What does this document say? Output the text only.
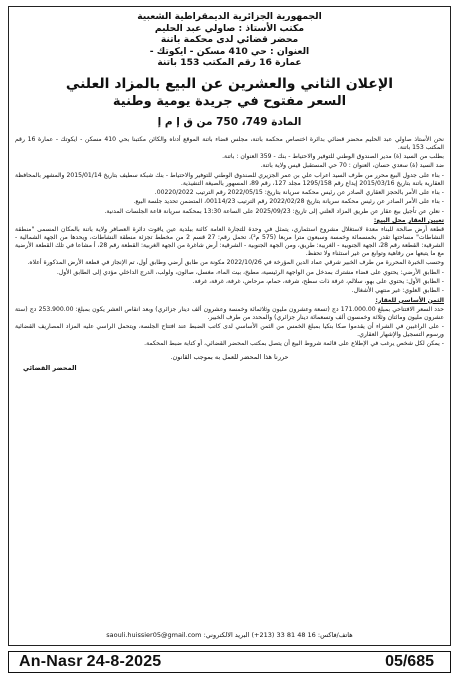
الجمهورية الجزائرية الديمقراطية الشعبية

مكتب الأستاذ : صاولي عبد الحليم

محضر قضائي لدى محكمة باتنة

العنوان : حي 410 مسكن - ايكوتك -

عمارة 16 رقم المكتب 153 باتنة

الإعلان الثاني والعشرين عن البيع بالمزاد العلني

السعر مفتوح في جريدة يومية وطنية

المادة 749، 750 من ق إ م إ

نحن الأستاذ صاولي عبد الحليم محضر قضائي بدائرة اختصاص محكمة باتنة، مجلس قضاء باتنة الموقع أدناه والكائن مكتبنا بحي 410 مسكن - ايكوتك - عمارة 16 رقم المكتب 153 باتنة.

بطلب من السيد (ة) مدير الصندوق الوطني للتوفير والاحتياط - بنك - 359 العنوان : باتنة.

ضد السيد (ة) سعدي حسان، العنوان : 70 حي المستقبل قيس ولاية باتنة.

- بناء على جدول البيع محرر من طرف السيد اعراب علي بن عمر الجزيري للصندوق الوطني للتوفير والاحتياط - بنك شبكة سطيف بتاريخ 2015/01/14 والمشهر بالمحافظة العقارية باتنة بتاريخ 2015/03/16 إيداع رقم 1295/158 مجلد 127، رقم 89، المسهور بالصيغة التنفيذية.

- بناء على الأمر بالحجز العقاري الصادر عن رئيس محكمة سريانة بتاريخ: 2022/05/15 رقم الترتيب 00220/2022.

- بناء على الأمر الصادر عن رئيس محكمة سريانة بتاريخ 2022/02/28 رقم الترتيب 00114/23، المتضمن تحديد جلسة البيع.

- نعلن عن تأجيل بيع عقار عن طريق المزاد العلني إلى تاريخ: 2025/09/23 على الساعة 13:30 بمحكمة سريانة قاعة الجلسات المدنية.

تعيين العقار محل البيع:

قطعة أرض صالحة للبناء معدة لاستغلال مشروع استثماري، يتمثل في وحدة للتجارة العامة كائنة ببلدية عين ياقوت دائرة العصافر ولاية باتنة بالمكان المسمى "منطقة النشاطات" مساحتها تقدر بخمسمائة وخمسة وسبعون مترا مربعا (575 م²)، تحمل رقم: 27 قسم 2 من مخطط تجزئة منطقة النشاطات، ويحدها من الجهة الشمالية - الشرقية: القطعة رقم 28، الجهة الجنوبية - الغربية: طريق، ومن الجهة الجنوبية - الشرقية: أرض شاغرة من الجهة الغربية: القطعة رقم 28، أ مشاعا في تلك القطعة الأرضية مع ما يتبعها من رفاهية وتوابع من غير استثناء ولا تحفظ.

وحسب الخبرة المحررة من طرف الخبير شرقي عماد الدين المؤرخة في 2022/10/26 مكونة من طابق أرضي وطابق أول، تم الإنجاز في قطعة الأرض المذكورة أعلاه.

- الطابق الأرضي: يحتوي على فضاء مشترك بمدخل من الواجهة الرئيسية، مطبخ، بيت الماء، مغسل، صالون، ولولب، الدرج الداخلي مؤدي إلى الطابق الأول.

- الطابق الأول: يحتوي على بهو، سلالم، غرفة ذات سطح، شرفة، حمام، مرحاض، غرفة، غرفة، غرفة.

- الطابق العلوي: غير منتهي الأشغال.

الثمن الأساسي للعقار:

حدد السعر الافتتاحي بمبلغ 171.000.00 دج (تسعة وعشرون مليون وثلاثمائة وخمسة وعشرون ألف دينار جزائري) وبعد انقاص العشر يكون بمبلغ: 253.900.00 دج (ستة عشرون مليون ومائتان وثلاثة وخمسون ألف وتسعمائة دينار جزائري) والمحدد من طرف الخبير.

- على الراغبين في الشراء أن يقدموا صكا بنكيا بمبلغ الخمس من الثمن الأساسي لدى كاتب الضبط عند افتتاح الجلسة، ويتحمل الراسي عليه المزاد المصاريف القضائية ورسوم التسجيل والإشهار العقاري.

- يمكن لكل شخص يرغب في الإطلاع على قائمة شروط البيع أن يتصل بمكتب المحضر القضائي، أو كتابة ضبط المحكمة.

حررنا هذا المحضر للعمل به بموجب القانون.
المحضر القضائي
هاتف/فاكس: 16 48 81 33 (213+) البريد الالكتروني: saouli.huissier05@gmail.com
An-Nasr 24-8-2025	05/685
